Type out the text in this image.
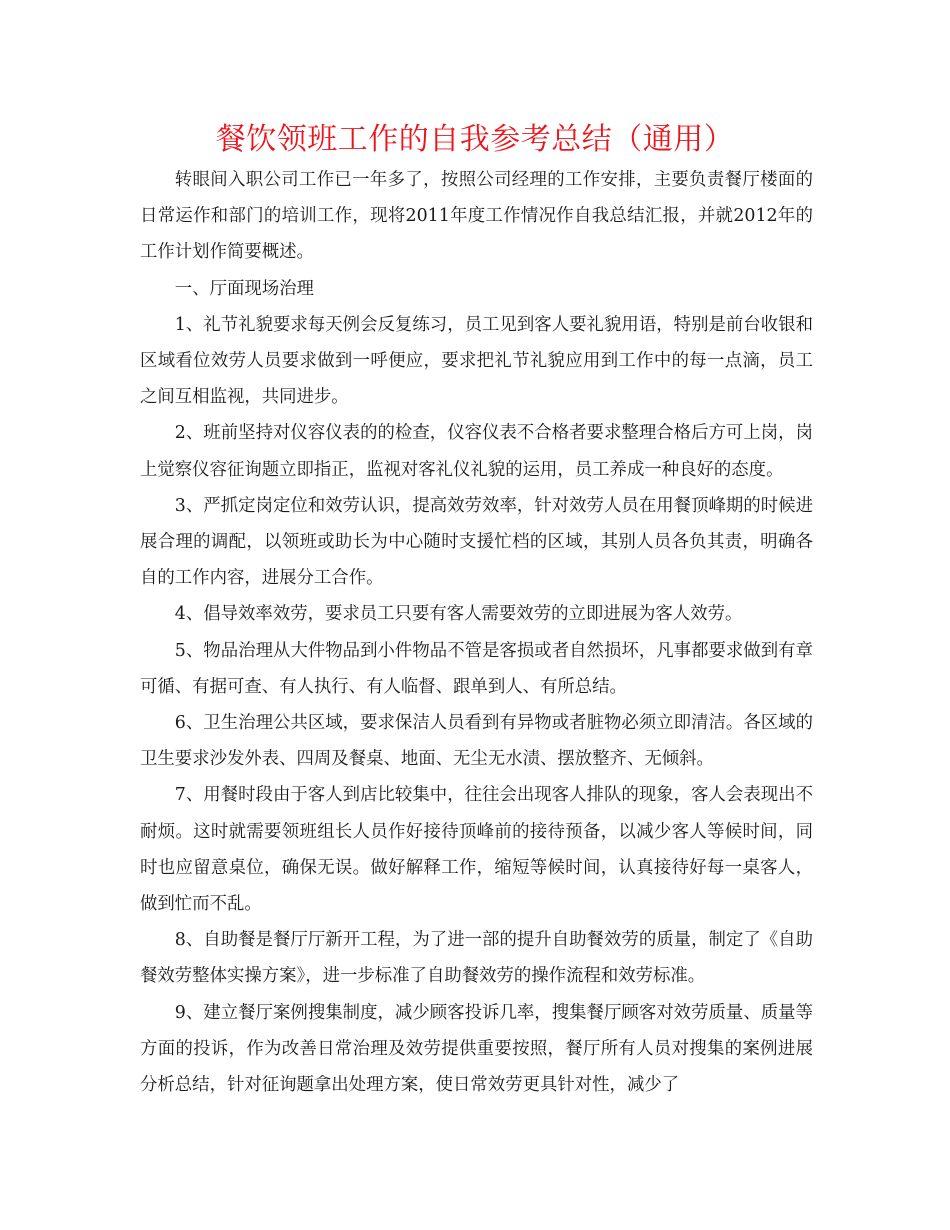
餐饮领班工作的自我参考总结（通用）

转眼间入职公司工作已一年多了，按照公司经理的工作安排，主要负责餐厅楼面的日常运作和部门的培训工作，现将2011年度工作情况作自我总结汇报，并就2012年的工作计划作简要概述。

一、厅面现场治理

1、礼节礼貌要求每天例会反复练习，员工见到客人要礼貌用语，特别是前台收银和区域看位效劳人员要求做到一呼便应，要求把礼节礼貌应用到工作中的每一点滴，员工之间互相监视，共同进步。

2、班前坚持对仪容仪表的的检查，仪容仪表不合格者要求整理合格后方可上岗，岗上觉察仪容征询题立即指正，监视对客礼仪礼貌的运用，员工养成一种良好的态度。

3、严抓定岗定位和效劳认识，提高效劳效率，针对效劳人员在用餐顶峰期的时候进展合理的调配，以领班或助长为中心随时支援忙档的区域，其别人员各负其责，明确各自的工作内容，进展分工合作。

4、倡导效率效劳，要求员工只要有客人需要效劳的立即进展为客人效劳。

5、物品治理从大件物品到小件物品不管是客损或者自然损坏，凡事都要求做到有章可循、有据可查、有人执行、有人临督、跟单到人、有所总结。

6、卫生治理公共区域，要求保洁人员看到有异物或者脏物必须立即清洁。各区域的卫生要求沙发外表、四周及餐桌、地面、无尘无水渍、摆放整齐、无倾斜。

7、用餐时段由于客人到店比较集中，往往会出现客人排队的现象，客人会表现出不耐烦。这时就需要领班组长人员作好接待顶峰前的接待预备，以减少客人等候时间，同时也应留意桌位，确保无误。做好解释工作，缩短等候时间，认真接待好每一桌客人，做到忙而不乱。

8、自助餐是餐厅厅新开工程，为了进一部的提升自助餐效劳的质量，制定了《自助餐效劳整体实操方案》，进一步标准了自助餐效劳的操作流程和效劳标准。

9、建立餐厅案例搜集制度，减少顾客投诉几率，搜集餐厅顾客对效劳质量、质量等方面的投诉，作为改善日常治理及效劳提供重要按照，餐厅所有人员对搜集的案例进展分析总结，针对征询题拿出处理方案，使日常效劳更具针对性，减少了
